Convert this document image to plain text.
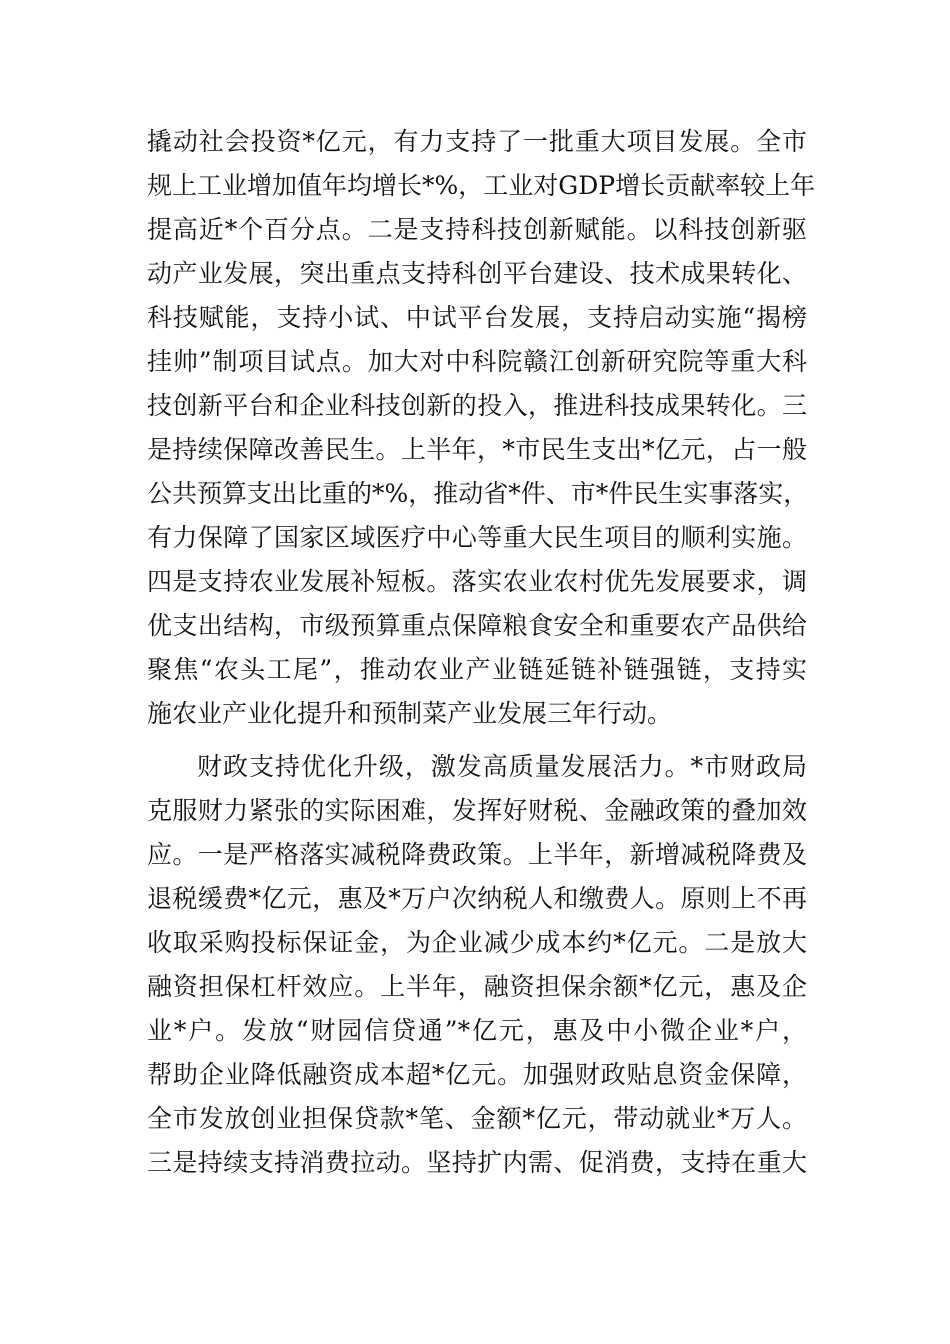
撬动社会投资*亿元，有力支持了一批重大项目发展。全市
规上工业增加值年均增长*%，工业对GDP增长贡献率较上年
提高近*个百分点。二是支持科技创新赋能。以科技创新驱
动产业发展，突出重点支持科创平台建设、技术成果转化、
科技赋能，支持小试、中试平台发展，支持启动实施“揭榜
挂帅”制项目试点。加大对中科院赣江创新研究院等重大科
技创新平台和企业科技创新的投入，推进科技成果转化。三
是持续保障改善民生。上半年，*市民生支出*亿元，占一般
公共预算支出比重的*%，推动省*件、市*件民生实事落实，
有力保障了国家区域医疗中心等重大民生项目的顺利实施。
四是支持农业发展补短板。落实农业农村优先发展要求，调
优支出结构，市级预算重点保障粮食安全和重要农产品供给
聚焦“农头工尾”，推动农业产业链延链补链强链，支持实
施农业产业化提升和预制菜产业发展三年行动。
财政支持优化升级，激发高质量发展活力。*市财政局
克服财力紧张的实际困难，发挥好财税、金融政策的叠加效
应。一是严格落实减税降费政策。上半年，新增减税降费及
退税缓费*亿元，惠及*万户次纳税人和缴费人。原则上不再
收取采购投标保证金，为企业减少成本约*亿元。二是放大
融资担保杠杆效应。上半年，融资担保余额*亿元，惠及企
业*户。发放“财园信贷通”*亿元，惠及中小微企业*户，
帮助企业降低融资成本超*亿元。加强财政贴息资金保障，
全市发放创业担保贷款*笔、金额*亿元，带动就业*万人。
三是持续支持消费拉动。坚持扩内需、促消费，支持在重大
